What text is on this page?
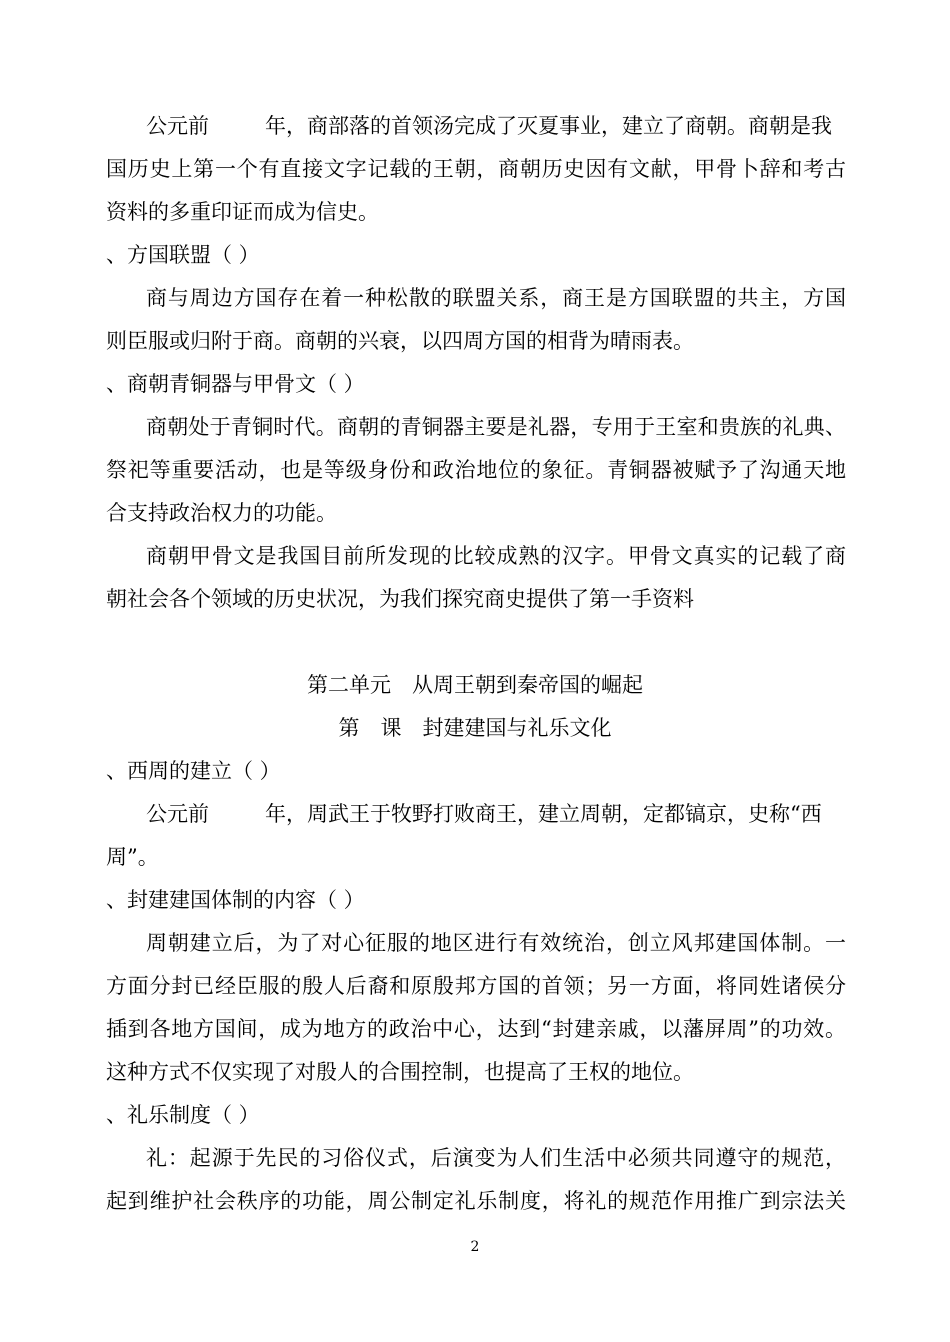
公元前	年，商部落的首领汤完成了灭夏事业，建立了商朝。商朝是我
国历史上第一个有直接文字记载的王朝，商朝历史因有文献，甲骨卜辞和考古
资料的多重印证而成为信史。
、方国联盟（ ）
商与周边方国存在着一种松散的联盟关系，商王是方国联盟的共主，方国
则臣服或归附于商。商朝的兴衰，以四周方国的相背为晴雨表。
、商朝青铜器与甲骨文（ ）
商朝处于青铜时代。商朝的青铜器主要是礼器，专用于王室和贵族的礼典、
祭祀等重要活动，也是等级身份和政治地位的象征。青铜器被赋予了沟通天地
合支持政治权力的功能。
商朝甲骨文是我国目前所发现的比较成熟的汉字。甲骨文真实的记载了商
朝社会各个领域的历史状况，为我们探究商史提供了第一手资料
第二单元　从周王朝到秦帝国的崛起
第　课　封建建国与礼乐文化
、西周的建立（ ）
公元前	年，周武王于牧野打败商王，建立周朝，定都镐京，史称“西
周”。
、封建建国体制的内容（ ）
周朝建立后，为了对心征服的地区进行有效统治，创立风邦建国体制。一
方面分封已经臣服的殷人后裔和原殷邦方国的首领；另一方面，将同姓诸侯分
插到各地方国间，成为地方的政治中心，达到“封建亲戚，以藩屏周”的功效。
这种方式不仅实现了对殷人的合围控制，也提高了王权的地位。
、礼乐制度（ ）
礼：起源于先民的习俗仪式，后演变为人们生活中必须共同遵守的规范，
起到维护社会秩序的功能，周公制定礼乐制度，将礼的规范作用推广到宗法关
2
